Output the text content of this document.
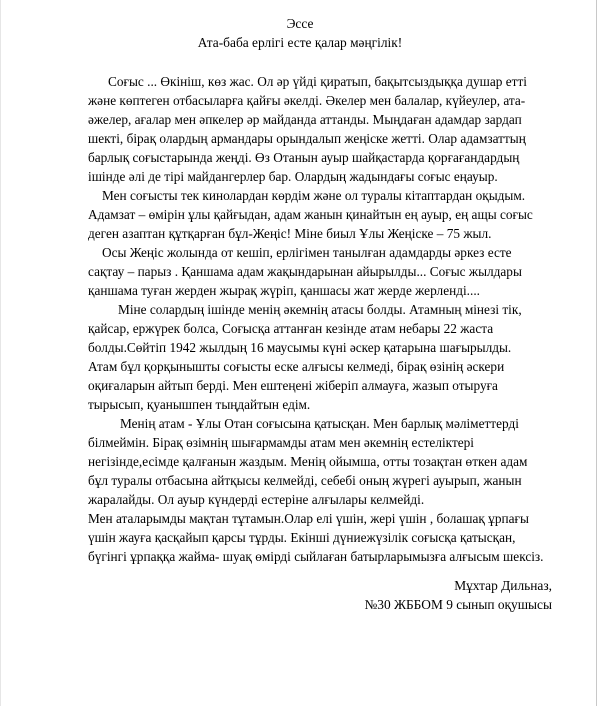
Эссе
Ата-баба ерлігі есте қалар мәңгілік!
Соғыс ... Өкініш, көз жас. Ол әр үйді қиратып, бақытсыздыққа душар етті
және көптеген отбасыларға қайғы әкелді. Әкелер мен балалар, күйеулер, ата-
әжелер, ағалар мен әпкелер әр майданда аттанды. Мыңдаған адамдар зардап
шекті, бірақ олардың армандары орындалып жеңіске жетті. Олар адамзаттың
барлық соғыстарында жеңді. Өз Отанын ауыр шайқастарда қорғағандардың
ішінде әлі де тірі майдангерлер бар. Олардың жадындағы соғыс еңауыр.
Мен соғысты тек кинолардан көрдім және ол туралы кітаптардан оқыдым.
Адамзат – өмірін ұлы қайғыдан, адам жанын қинайтын ең ауыр, ең ащы соғыс
деген азаптан құтқарған бұл-Жеңіс! Міне биыл Ұлы Жеңіске – 75 жыл.
Осы Жеңіс жолында от кешіп, ерлігімен танылған адамдарды әркез есте
сақтау – парыз . Қаншама адам жақындарынан айырылды... Соғыс жылдары
қаншама туған жерден жырақ жүріп, қаншасы жат жерде жерленді....
Міне солардың ішінде менің әкемнің атасы болды. Атамның мінезі тік,
қайсар, ержүрек болса, Соғысқа аттанған кезінде атам небары 22 жаста
болды.Сөйтіп 1942 жылдың 16 маусымы күні әскер қатарына шағырылды.
Атам бұл қорқынышты соғысты еске алғысы келмеді, бірақ өзінің әскери
оқиғаларын айтып берді. Мен ештеңені жіберіп алмауға, жазып отыруға
тырысып, қуанышпен тыңдайтын едім.
Менің атам - Ұлы Отан соғысына қатысқан. Мен барлық мәліметтерді
білмеймін. Бірақ өзімнің шығармамды атам мен әкемнің естеліктері
негізінде,есімде қалғанын жаздым. Менің ойымша, отты тозақтан өткен адам
бұл туралы отбасына айтқысы келмейді, себебі оның жүрегі ауырып, жанын
жаралайды. Ол ауыр күндерді естеріне алғылары келмейді.
Мен аталарымды мақтан тұтамын.Олар елі үшін, жері үшін , болашақ ұрпағы
үшін жауға қасқайып қарсы тұрды. Екінші дүниежүзілік соғысқа қатысқан,
бүгінгі ұрпаққа жайма- шуақ өмірді сыйлаған батырларымызға алғысым шексіз.
Мұхтар Дильназ,
№30 ЖББОМ 9 сынып оқушысы
